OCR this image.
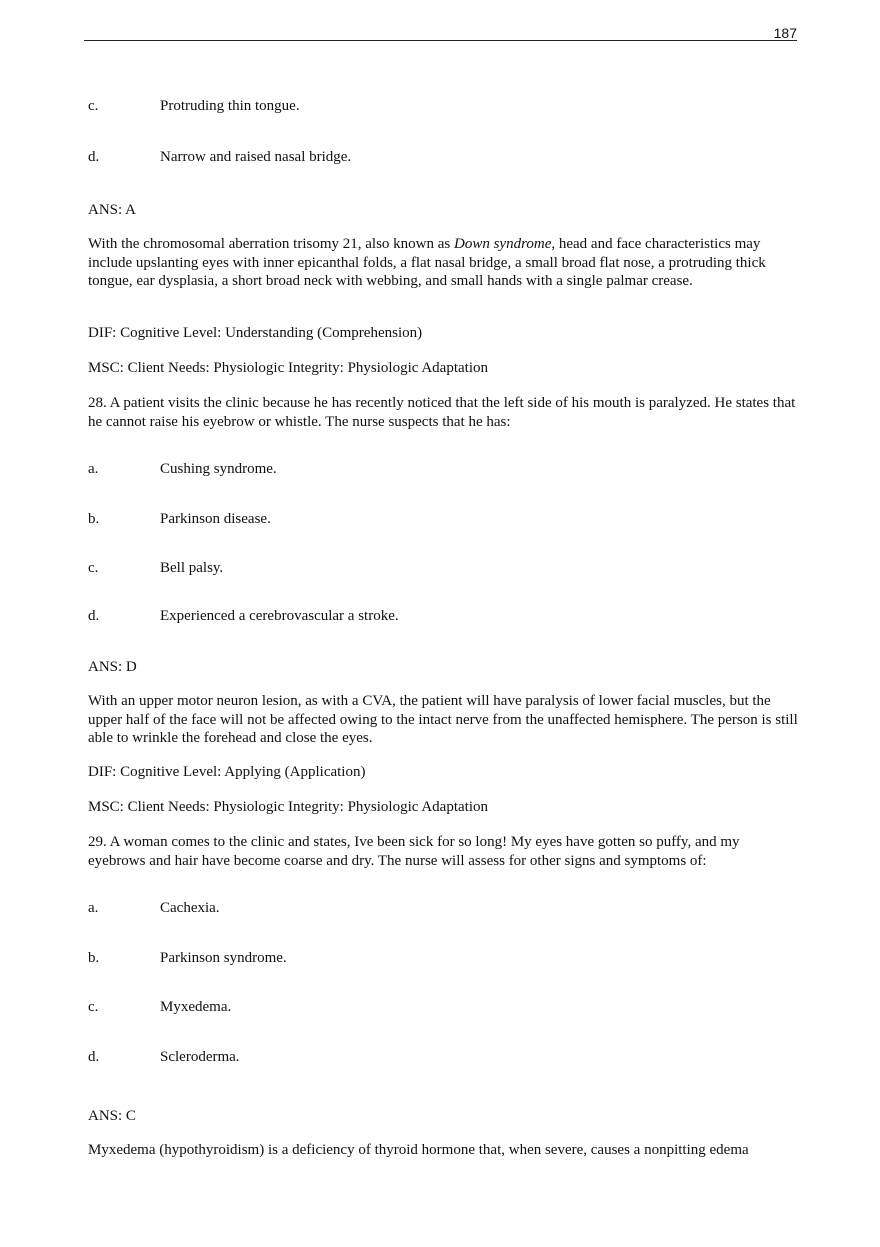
187
c.	Protruding thin tongue.
d.	Narrow and raised nasal bridge.
ANS: A
With the chromosomal aberration trisomy 21, also known as Down syndrome, head and face characteristics may include upslanting eyes with inner epicanthal folds, a flat nasal bridge, a small broad flat nose, a protruding thick tongue, ear dysplasia, a short broad neck with webbing, and small hands with a single palmar crease.
DIF: Cognitive Level: Understanding (Comprehension)
MSC: Client Needs: Physiologic Integrity: Physiologic Adaptation
28. A patient visits the clinic because he has recently noticed that the left side of his mouth is paralyzed. He states that he cannot raise his eyebrow or whistle. The nurse suspects that he has:
a.	Cushing syndrome.
b.	Parkinson disease.
c.	Bell palsy.
d.	Experienced a cerebrovascular a stroke.
ANS: D
With an upper motor neuron lesion, as with a CVA, the patient will have paralysis of lower facial muscles, but the upper half of the face will not be affected owing to the intact nerve from the unaffected hemisphere. The person is still able to wrinkle the forehead and close the eyes.
DIF: Cognitive Level: Applying (Application)
MSC: Client Needs: Physiologic Integrity: Physiologic Adaptation
29. A woman comes to the clinic and states, Ive been sick for so long! My eyes have gotten so puffy, and my eyebrows and hair have become coarse and dry. The nurse will assess for other signs and symptoms of:
a.	Cachexia.
b.	Parkinson syndrome.
c.	Myxedema.
d.	Scleroderma.
ANS: C
Myxedema (hypothyroidism) is a deficiency of thyroid hormone that, when severe, causes a nonpitting edema
